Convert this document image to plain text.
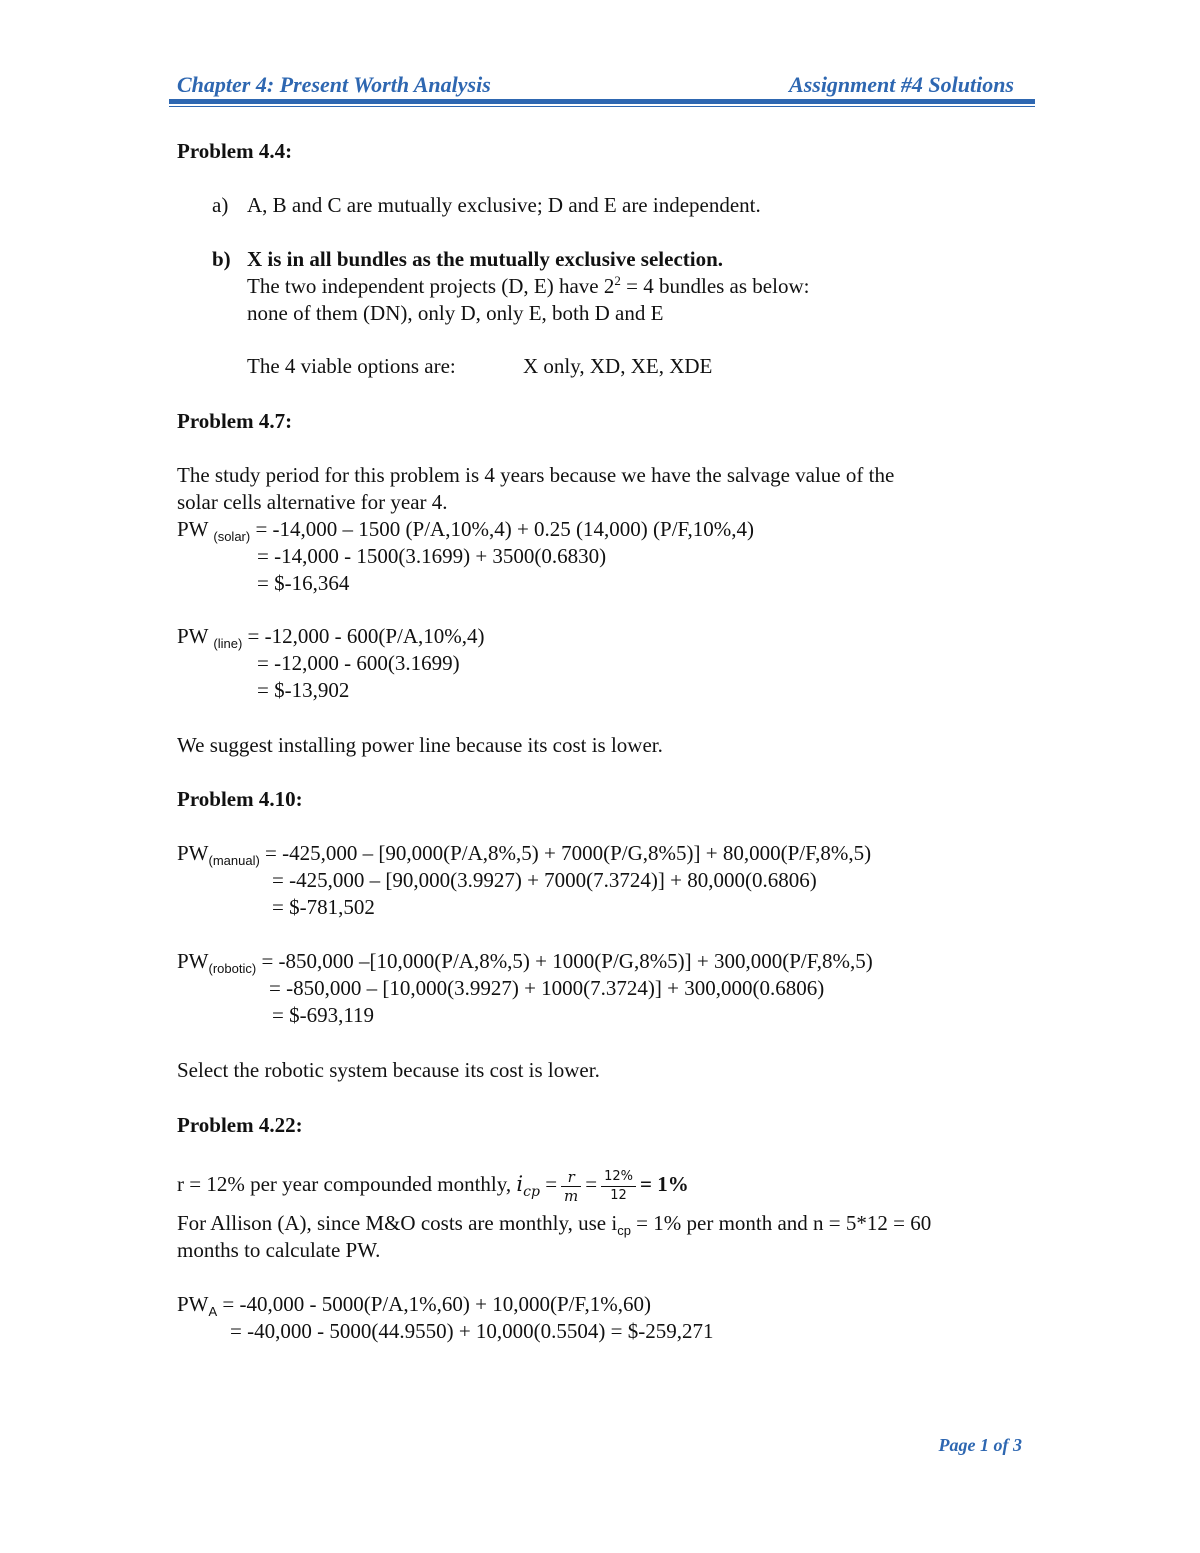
Chapter 4: Present Worth Analysis	Assignment #4 Solutions
Problem 4.4:
a) A, B and C are mutually exclusive; D and E are independent.
b) X is in all bundles as the mutually exclusive selection.
The two independent projects (D, E) have $2^2 = 4$ bundles as below:
none of them (DN), only D, only E, both D and E
The 4 viable options are:	X only, XD, XE, XDE
Problem 4.7:
The study period for this problem is 4 years because we have the salvage value of the
solar cells alternative for year 4.
PW $_{(solar)}$ = -14,000 – 1500 (P/A,10%,4) + 0.25 (14,000) (P/F,10%,4)
= -14,000 - 1500(3.1699) + 3500(0.6830)
= $-16,364
PW $_{(line)}$ = -12,000 - 600(P/A,10%,4)
= -12,000 - 600(3.1699)
= $-13,902
We suggest installing power line because its cost is lower.
Problem 4.10:
$PW_{(manual)} = -425,000 - [90,000(P/A,8\%,5) + 7000(P/G,8\%5)] + 80,000(P/F,8\%,5)$
= -425,000 – [90,000(3.9927) + 7000(7.3724)] + 80,000(0.6806)
= $-781,502
$PW_{(robotic)} = -850,000$ –[10,000(P/A,8%,5) + 1000(P/G,8%5)] + 300,000(P/F,8%,5)
= -850,000 – [10,000(3.9927) + 1000(7.3724)] + 300,000(0.6806)
= $-693,119
Select the robotic system because its cost is lower.
Problem 4.22:
r = 12% per year compounded monthly, $i_{cp} = \frac{r}{m} = \frac{12\%}{12} = 1\%$
For Allison (A), since M&O costs are monthly, use $i_{cp} = 1\%$ per month and n = 5*12 = 60
months to calculate PW.
$PW_A = -40,000 - 5000(P/A,1\%,60) + 10,000(P/F,1\%,60)$
= -40,000 - 5000(44.9550) + 10,000(0.5504) = $-259,271
Page 1 of 3
